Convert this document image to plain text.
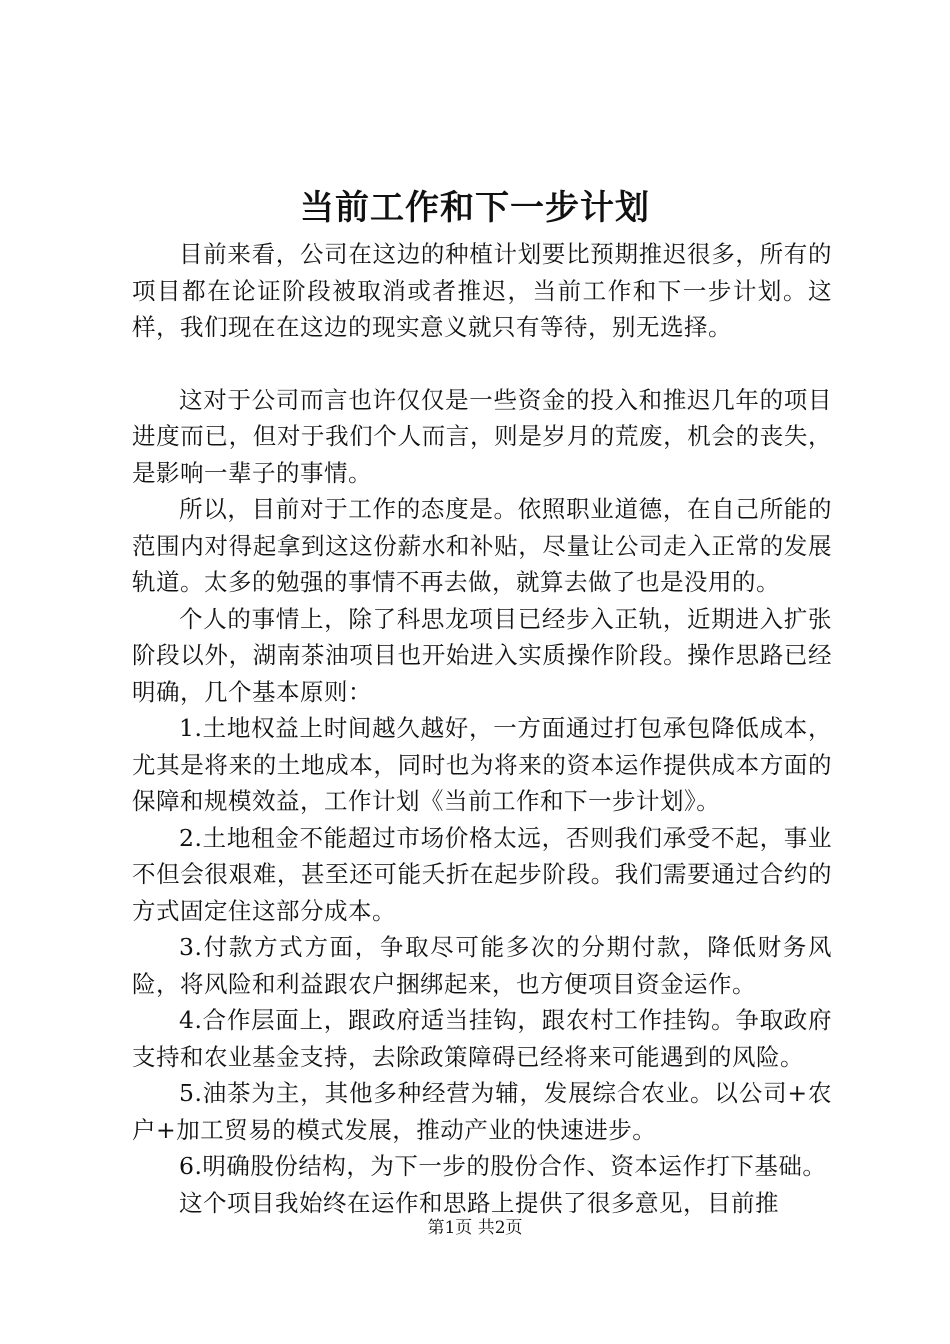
当前工作和下一步计划

目前来看，公司在这边的种植计划要比预期推迟很多，所有的项目都在论证阶段被取消或者推迟，当前工作和下一步计划。这样，我们现在在这边的现实意义就只有等待，别无选择。

这对于公司而言也许仅仅是一些资金的投入和推迟几年的项目进度而已，但对于我们个人而言，则是岁月的荒废，机会的丧失，是影响一辈子的事情。

所以，目前对于工作的态度是。依照职业道德，在自己所能的范围内对得起拿到这这份薪水和补贴，尽量让公司走入正常的发展轨道。太多的勉强的事情不再去做，就算去做了也是没用的。

个人的事情上，除了科思龙项目已经步入正轨，近期进入扩张阶段以外，湖南茶油项目也开始进入实质操作阶段。操作思路已经明确，几个基本原则：

1.土地权益上时间越久越好，一方面通过打包承包降低成本，尤其是将来的土地成本，同时也为将来的资本运作提供成本方面的保障和规模效益，工作计划《当前工作和下一步计划》。

2.土地租金不能超过市场价格太远，否则我们承受不起，事业不但会很艰难，甚至还可能夭折在起步阶段。我们需要通过合约的方式固定住这部分成本。

3.付款方式方面，争取尽可能多次的分期付款，降低财务风险，将风险和利益跟农户捆绑起来，也方便项目资金运作。

4.合作层面上，跟政府适当挂钩，跟农村工作挂钩。争取政府支持和农业基金支持，去除政策障碍已经将来可能遇到的风险。

5.油茶为主，其他多种经营为辅，发展综合农业。以公司+农户+加工贸易的模式发展，推动产业的快速进步。

6.明确股份结构，为下一步的股份合作、资本运作打下基础。

这个项目我始终在运作和思路上提供了很多意见，目前推

第1页 共2页
